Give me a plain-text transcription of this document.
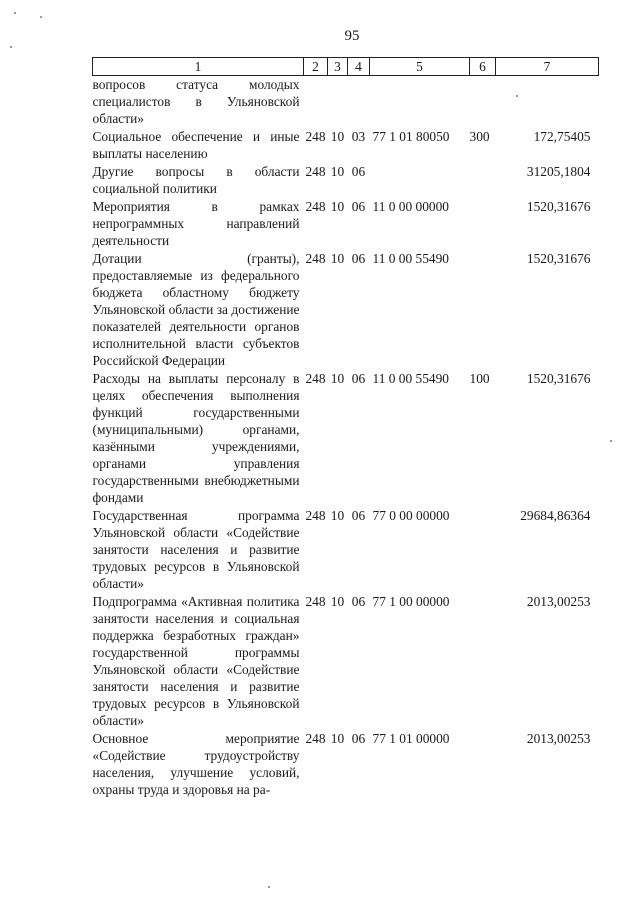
95
1	2	3	4	5	6	7
вопросов статуса молодых специалистов в Ульяновской области»						
Социальное обеспечение и иные выплаты населению	248	10	03	77 1 01 80050	300	172,75405
Другие вопросы в области социальной политики	248	10	06			31205,1804
Мероприятия в рамках непрограммных направлений деятельности	248	10	06	11 0 00 00000		1520,31676
Дотации (гранты), предоставляемые из федерального бюджета областному бюджету Ульяновской области за достижение показателей деятельности органов исполнительной власти субъектов Российской Федерации	248	10	06	11 0 00 55490		1520,31676
Расходы на выплаты персоналу в целях обеспечения выполнения функций государственными (муниципальными) органами, казёнными учреждениями, органами управления государственными внебюджетными фондами	248	10	06	11 0 00 55490	100	1520,31676
Государственная программа Ульяновской области «Содействие занятости населения и развитие трудовых ресурсов в Ульяновской области»	248	10	06	77 0 00 00000		29684,86364
Подпрограмма «Активная политика занятости населения и социальная поддержка безработных граждан» государственной программы Ульяновской области «Содействие занятости населения и развитие трудовых ресурсов в Ульяновской области»	248	10	06	77 1 00 00000		2013,00253
Основное мероприятие «Содействие трудоустройству населения, улучшение условий, охраны труда и здоровья на ра-	248	10	06	77 1 01 00000		2013,00253
